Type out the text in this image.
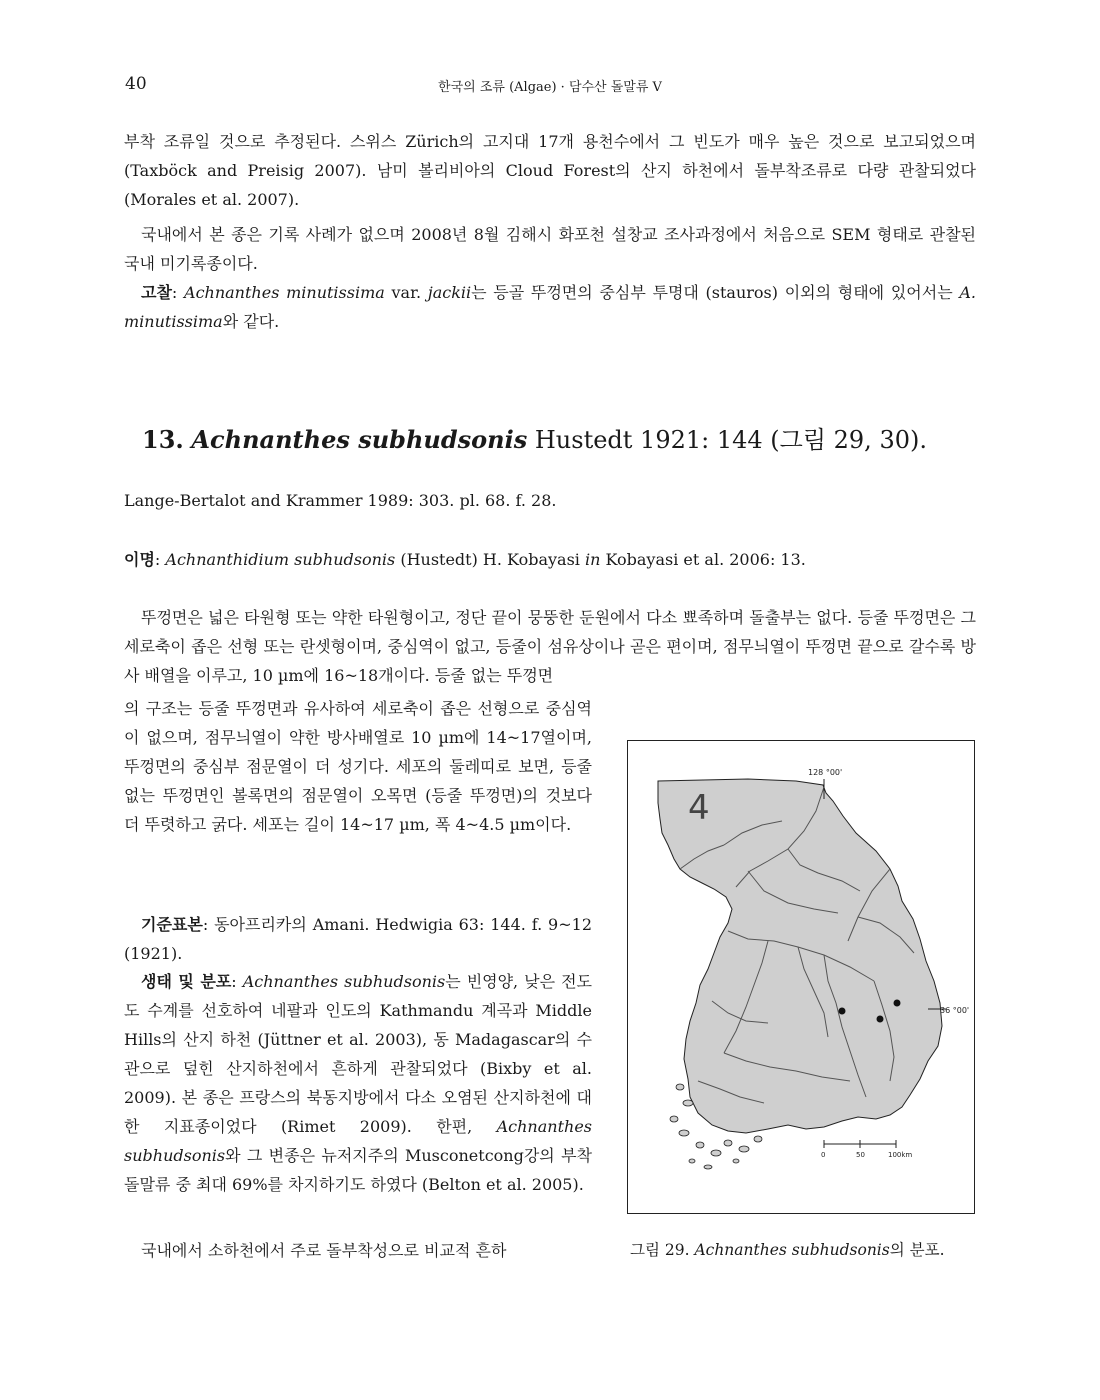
40	한국의 조류 (Algae) · 담수산 돌말류 V
부착 조류일 것으로 추정된다. 스위스 Zürich의 고지대 17개 용천수에서 그 빈도가 매우 높은 것으로 보고되었으며 (Taxböck and Preisig 2007). 남미 볼리비아의 Cloud Forest의 산지 하천에서 돌부착조류로 다량 관찰되었다 (Morales et al. 2007).
국내에서 본 종은 기록 사례가 없으며 2008년 8월 김해시 화포천 설창교 조사과정에서 처음으로 SEM 형태로 관찰된 국내 미기록종이다.
고찰: Achnanthes minutissima var. jackii는 등골 뚜껑면의 중심부 투명대 (stauros) 이외의 형태에 있어서는 A. minutissima와 같다.
13. Achnanthes subhudsonis Hustedt 1921: 144 (그림 29, 30).
Lange-Bertalot and Krammer 1989: 303. pl. 68. f. 28.
이명: Achnanthidium subhudsonis (Hustedt) H. Kobayasi in Kobayasi et al. 2006: 13.
뚜껑면은 넓은 타원형 또는 약한 타원형이고, 정단 끝이 뭉뚱한 둔원에서 다소 뾰족하며 돌출부는 없다. 등줄 뚜껑면은 그 세로축이 좁은 선형 또는 란셋형이며, 중심역이 없고, 등줄이 섬유상이나 곧은 편이며, 점무늬열이 뚜껑면 끝으로 갈수록 방사 배열을 이루고, 10 µm에 16~18개이다. 등줄 없는 뚜껑면
의 구조는 등줄 뚜껑면과 유사하여 세로축이 좁은 선형으로 중심역이 없으며, 점무늬열이 약한 방사배열로 10 µm에 14~17열이며, 뚜껑면의 중심부 점문열이 더 성기다. 세포의 둘레띠로 보면, 등줄 없는 뚜껑면인 볼록면의 점문열이 오목면 (등줄 뚜껑면)의 것보다 더 뚜렷하고 굵다. 세포는 길이 14~17 µm, 폭 4~4.5 µm이다.
기준표본: 동아프리카의 Amani. Hedwigia 63: 144. f. 9~12 (1921).
생태 및 분포: Achnanthes subhudsonis는 빈영양, 낮은 전도도 수계를 선호하여 네팔과 인도의 Kathmandu 계곡과 Middle Hills의 산지 하천 (Jüttner et al. 2003), 동 Madagascar의 수관으로 덮힌 산지하천에서 흔하게 관찰되었다 (Bixby et al. 2009). 본 종은 프랑스의 북동지방에서 다소 오염된 산지하천에 대한 지표종이었다 (Rimet 2009). 한편, Achnanthes subhudsonis와 그 변종은 뉴저지주의 Musconetcong강의 부착돌말류 중 최대 69%를 차지하기도 하였다 (Belton et al. 2005).
국내에서 소하천에서 주로 돌부착성으로 비교적 흔하
128 °00'
36 °00'
4
0	50	100km
그림 29. Achnanthes subhudsonis의 분포.
